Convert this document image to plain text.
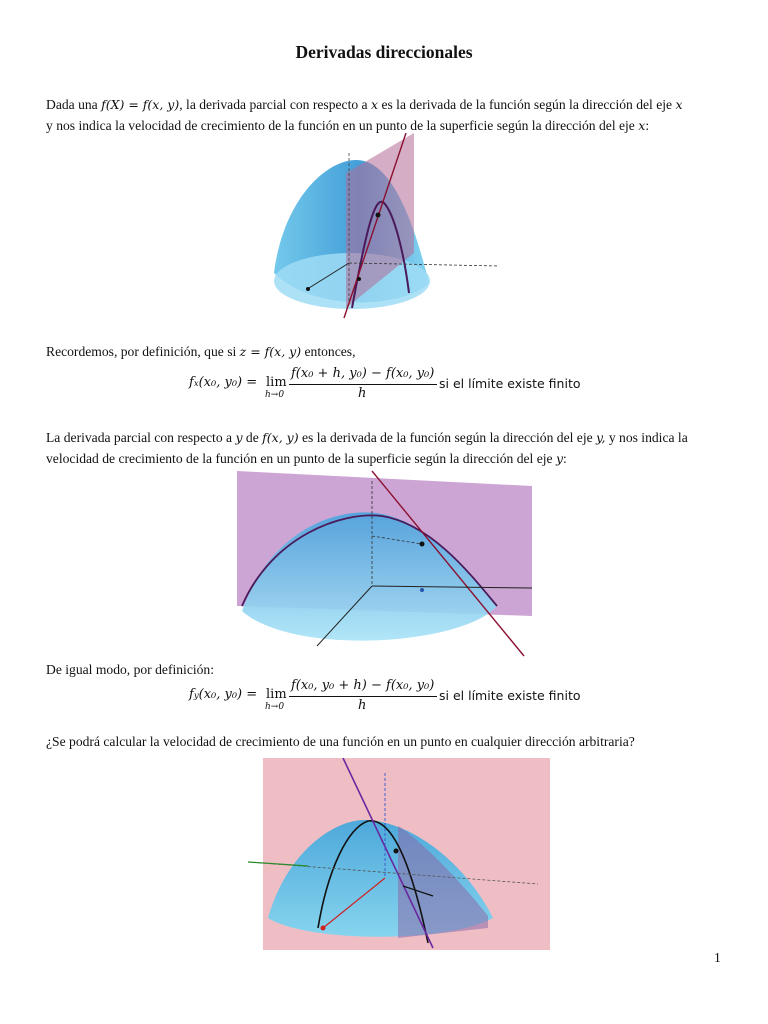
Derivadas direccionales
Dada una f(X) = f(x, y), la derivada parcial con respecto a x es la derivada de la función según la dirección del eje x
y nos indica la velocidad de crecimiento de la función en un punto de la superficie según la dirección del eje x:
Recordemos, por definición, que si z = f(x, y) entonces,
fx(x₀, y₀) = lim
h→0
f(x₀ + h, y₀) − f(x₀, y₀)
h
si el límite existe finito
La derivada parcial con respecto a y de f(x, y) es la derivada de la función según la dirección del eje y, y nos indica la
velocidad de crecimiento de la función en un punto de la superficie según la dirección del eje y:
De igual modo, por definición:
fy(x₀, y₀) = lim
h→0
f(x₀, y₀ + h) − f(x₀, y₀)
h
si el límite existe finito
¿Se podrá calcular la velocidad de crecimiento de una función en un punto en cualquier dirección arbitraria?
1
